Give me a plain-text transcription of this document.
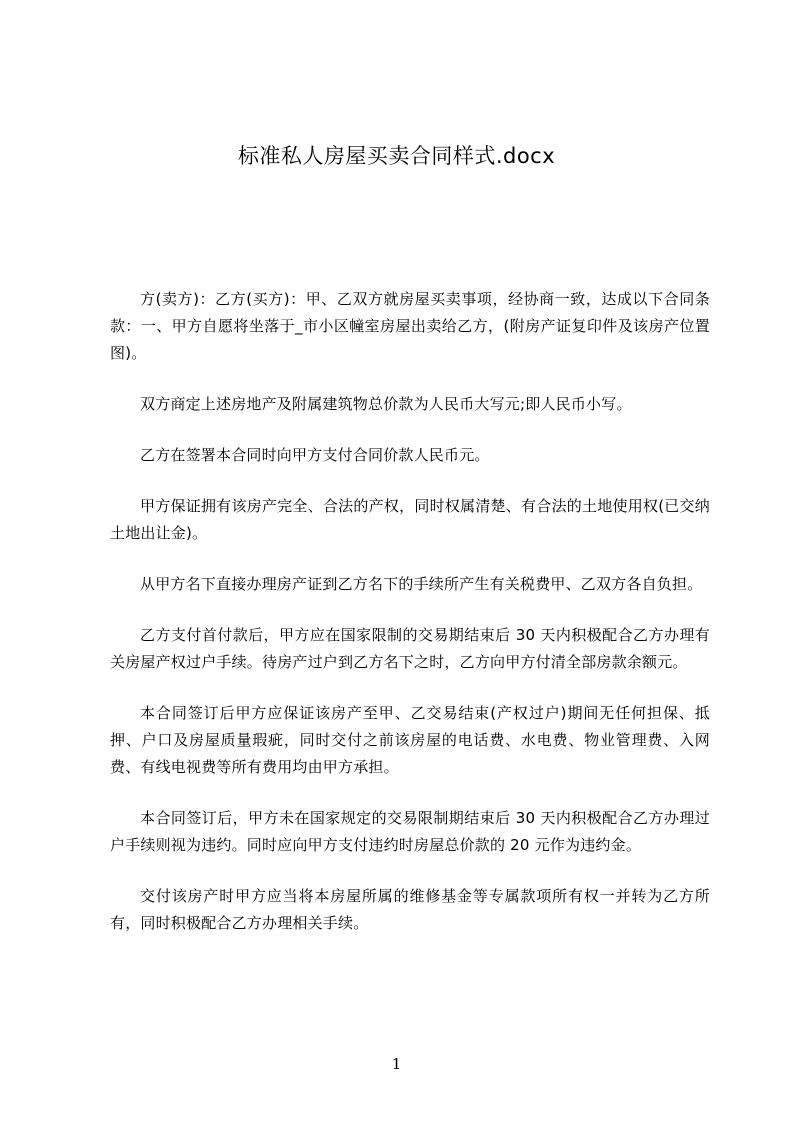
标准私人房屋买卖合同样式.docx

方(卖方)：乙方(买方)：甲、乙双方就房屋买卖事项，经协商一致，达成以下合同条款：一、甲方自愿将坐落于_市小区幢室房屋出卖给乙方，(附房产证复印件及该房产位置图)。

双方商定上述房地产及附属建筑物总价款为人民币大写元;即人民币小写。

乙方在签署本合同时向甲方支付合同价款人民币元。

甲方保证拥有该房产完全、合法的产权，同时权属清楚、有合法的土地使用权(已交纳土地出让金)。

从甲方名下直接办理房产证到乙方名下的手续所产生有关税费甲、乙双方各自负担。

乙方支付首付款后，甲方应在国家限制的交易期结束后 30 天内积极配合乙方办理有关房屋产权过户手续。待房产过户到乙方名下之时，乙方向甲方付清全部房款余额元。

本合同签订后甲方应保证该房产至甲、乙交易结束(产权过户)期间无任何担保、抵押、户口及房屋质量瑕疵，同时交付之前该房屋的电话费、水电费、物业管理费、入网费、有线电视费等所有费用均由甲方承担。

本合同签订后，甲方未在国家规定的交易限制期结束后 30 天内积极配合乙方办理过户手续则视为违约。同时应向甲方支付违约时房屋总价款的 20 元作为违约金。

交付该房产时甲方应当将本房屋所属的维修基金等专属款项所有权一并转为乙方所有，同时积极配合乙方办理相关手续。

1
